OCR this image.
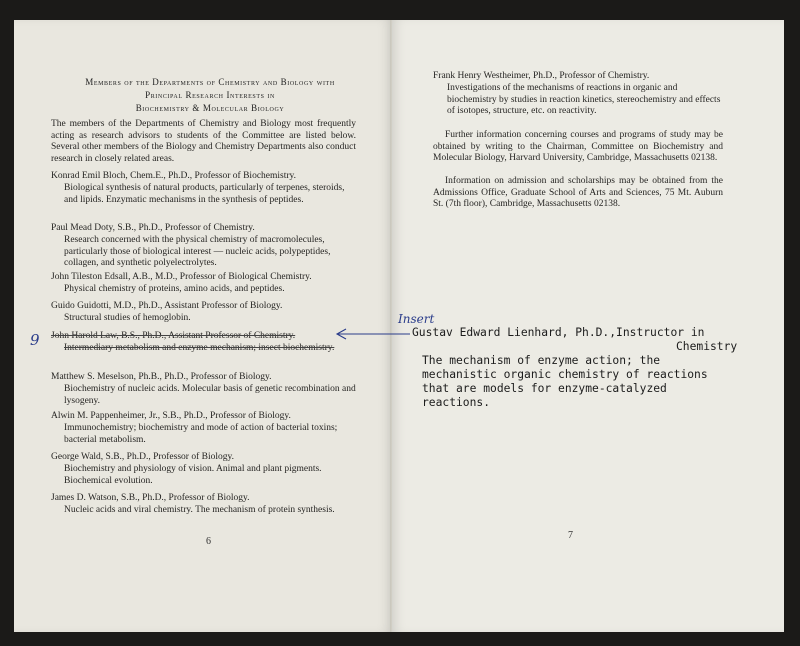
Members of the Departments of Chemistry and Biology with
Principal Research Interests in
Biochemistry & Molecular Biology
The members of the Departments of Chemistry and Biology most frequently acting as research advisors to students of the Committee are listed below. Several other members of the Biology and Chemistry Departments also conduct research in closely related areas.
Konrad Emil Bloch, Chem.E., Ph.D., Professor of Biochemistry.
Biological synthesis of natural products, particularly of terpenes, steroids, and lipids. Enzymatic mechanisms in the synthesis of peptides.
Paul Mead Doty, S.B., Ph.D., Professor of Chemistry.
Research concerned with the physical chemistry of macromolecules, particularly those of biological interest — nucleic acids, polypeptides, collagen, and synthetic polyelectrolytes.
John Tileston Edsall, A.B., M.D., Professor of Biological Chemistry.
Physical chemistry of proteins, amino acids, and peptides.
Guido Guidotti, M.D., Ph.D., Assistant Professor of Biology.
Structural studies of hemoglobin.
9 John Harold Law, B.S., Ph.D., Assistant Professor of Chemistry.
Intermediary metabolism and enzyme mechanism; insect biochemistry.
Matthew S. Meselson, Ph.B., Ph.D., Professor of Biology.
Biochemistry of nucleic acids. Molecular basis of genetic recombination and lysogeny.
Alwin M. Pappenheimer, Jr., S.B., Ph.D., Professor of Biology.
Immunochemistry; biochemistry and mode of action of bacterial toxins; bacterial metabolism.
George Wald, S.B., Ph.D., Professor of Biology.
Biochemistry and physiology of vision. Animal and plant pigments. Biochemical evolution.
James D. Watson, S.B., Ph.D., Professor of Biology.
Nucleic acids and viral chemistry. The mechanism of protein synthesis.
6
Frank Henry Westheimer, Ph.D., Professor of Chemistry.
Investigations of the mechanisms of reactions in organic and biochemistry by studies in reaction kinetics, stereochemistry and effects of isotopes, structure, etc. on reactivity.
Further information concerning courses and programs of study may be obtained by writing to the Chairman, Committee on Biochemistry and Molecular Biology, Harvard University, Cambridge, Massachusetts 02138.
Information on admission and scholarships may be obtained from the Admissions Office, Graduate School of Arts and Sciences, 75 Mt. Auburn St. (7th floor), Cambridge, Massachusetts 02138.
Insert
Gustav Edward Lienhard, Ph.D.,Instructor in
Chemistry
The mechanism of enzyme action; the
mechanistic organic chemistry of reactions
that are models for enzyme-catalyzed
reactions.
7
